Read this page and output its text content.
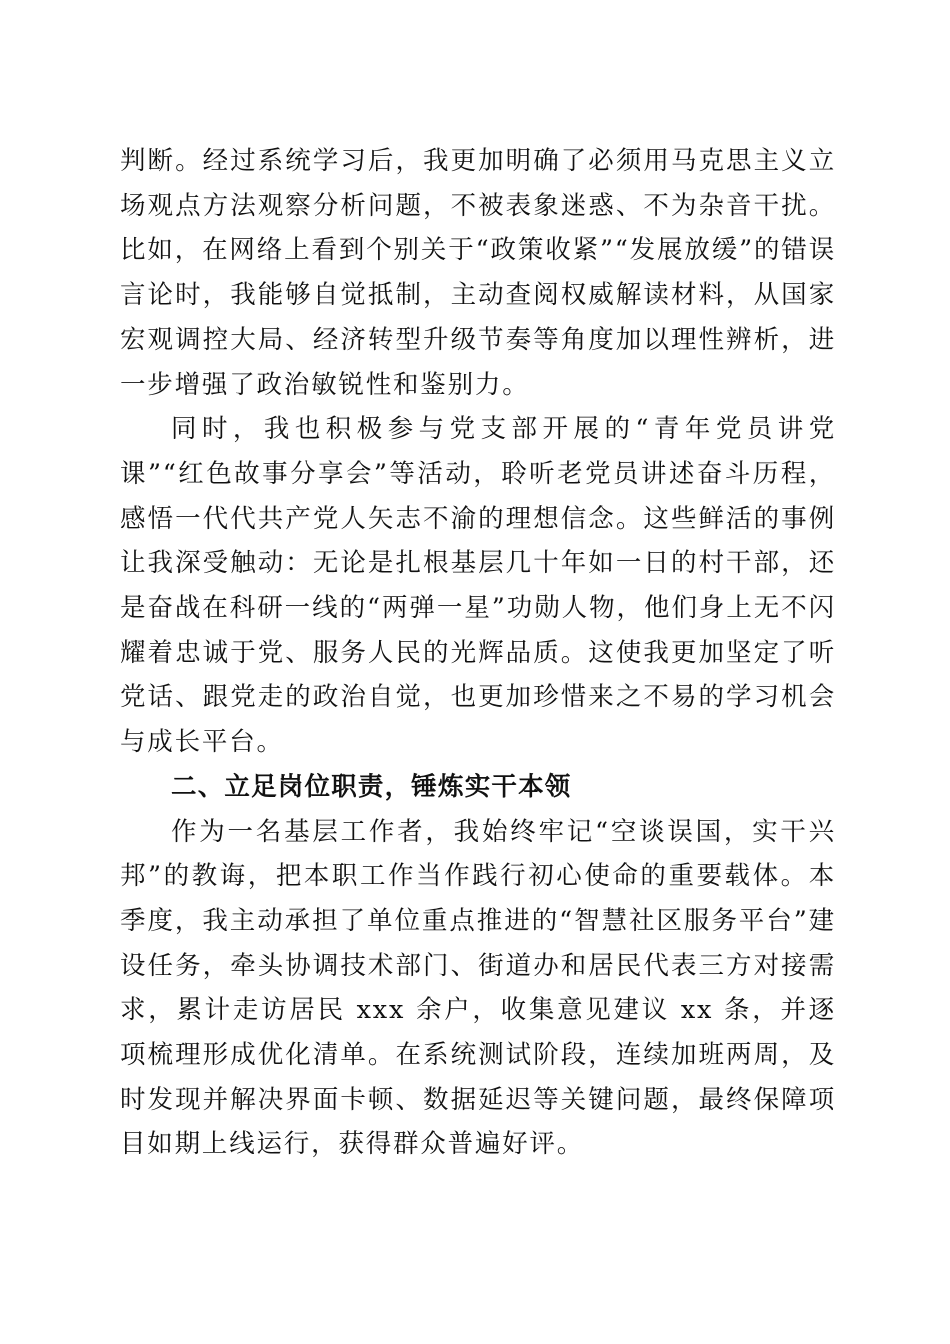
判断。经过系统学习后，我更加明确了必须用马克思主义立场观点方法观察分析问题，不被表象迷惑、不为杂音干扰。比如，在网络上看到个别关于“政策收紧”“发展放缓”的错误言论时，我能够自觉抵制，主动查阅权威解读材料，从国家宏观调控大局、经济转型升级节奏等角度加以理性辨析，进一步增强了政治敏锐性和鉴别力。

同时，我也积极参与党支部开展的“青年党员讲党课”“红色故事分享会”等活动，聆听老党员讲述奋斗历程，感悟一代代共产党人矢志不渝的理想信念。这些鲜活的事例让我深受触动：无论是扎根基层几十年如一日的村干部，还是奋战在科研一线的“两弹一星”功勋人物，他们身上无不闪耀着忠诚于党、服务人民的光辉品质。这使我更加坚定了听党话、跟党走的政治自觉，也更加珍惜来之不易的学习机会与成长平台。

二、立足岗位职责，锤炼实干本领

作为一名基层工作者，我始终牢记“空谈误国，实干兴邦”的教诲，把本职工作当作践行初心使命的重要载体。本季度，我主动承担了单位重点推进的“智慧社区服务平台”建设任务，牵头协调技术部门、街道办和居民代表三方对接需求，累计走访居民 xxx 余户，收集意见建议 xx 条，并逐项梳理形成优化清单。在系统测试阶段，连续加班两周，及时发现并解决界面卡顿、数据延迟等关键问题，最终保障项目如期上线运行，获得群众普遍好评。
